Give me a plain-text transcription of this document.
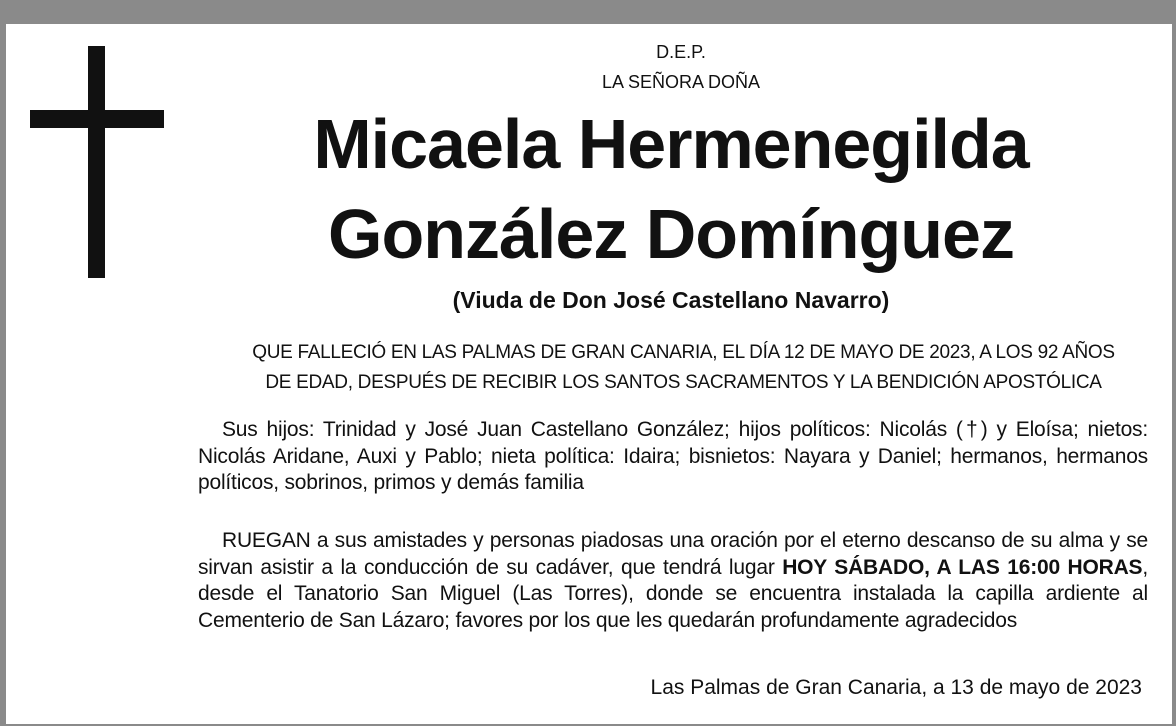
D.E.P.
LA SEÑORA DOÑA
Micaela Hermenegilda
González Domínguez
(Viuda de Don José Castellano Navarro)
QUE FALLECIÓ EN LAS PALMAS DE GRAN CANARIA, EL DÍA 12 DE MAYO DE 2023, A LOS 92 AÑOS
DE EDAD, DESPUÉS DE RECIBIR LOS SANTOS SACRAMENTOS Y LA BENDICIÓN APOSTÓLICA
Sus hijos: Trinidad y José Juan Castellano González; hijos políticos: Nicolás (†) y Eloísa; nietos: Nicolás Aridane, Auxi y Pablo; nieta política: Idaira; bisnietos: Nayara y Daniel; hermanos, hermanos políticos, sobrinos, primos y demás familia
RUEGAN a sus amistades y personas piadosas una oración por el eterno descanso de su alma y se sirvan asistir a la conducción de su cadáver, que tendrá lugar HOY SÁBADO, A LAS 16:00 HORAS, desde el Tanatorio San Miguel (Las Torres), donde se encuentra instalada la capilla ardiente al Cementerio de San Lázaro; favores por los que les quedarán profundamente agradecidos
Las Palmas de Gran Canaria, a 13 de mayo de 2023
